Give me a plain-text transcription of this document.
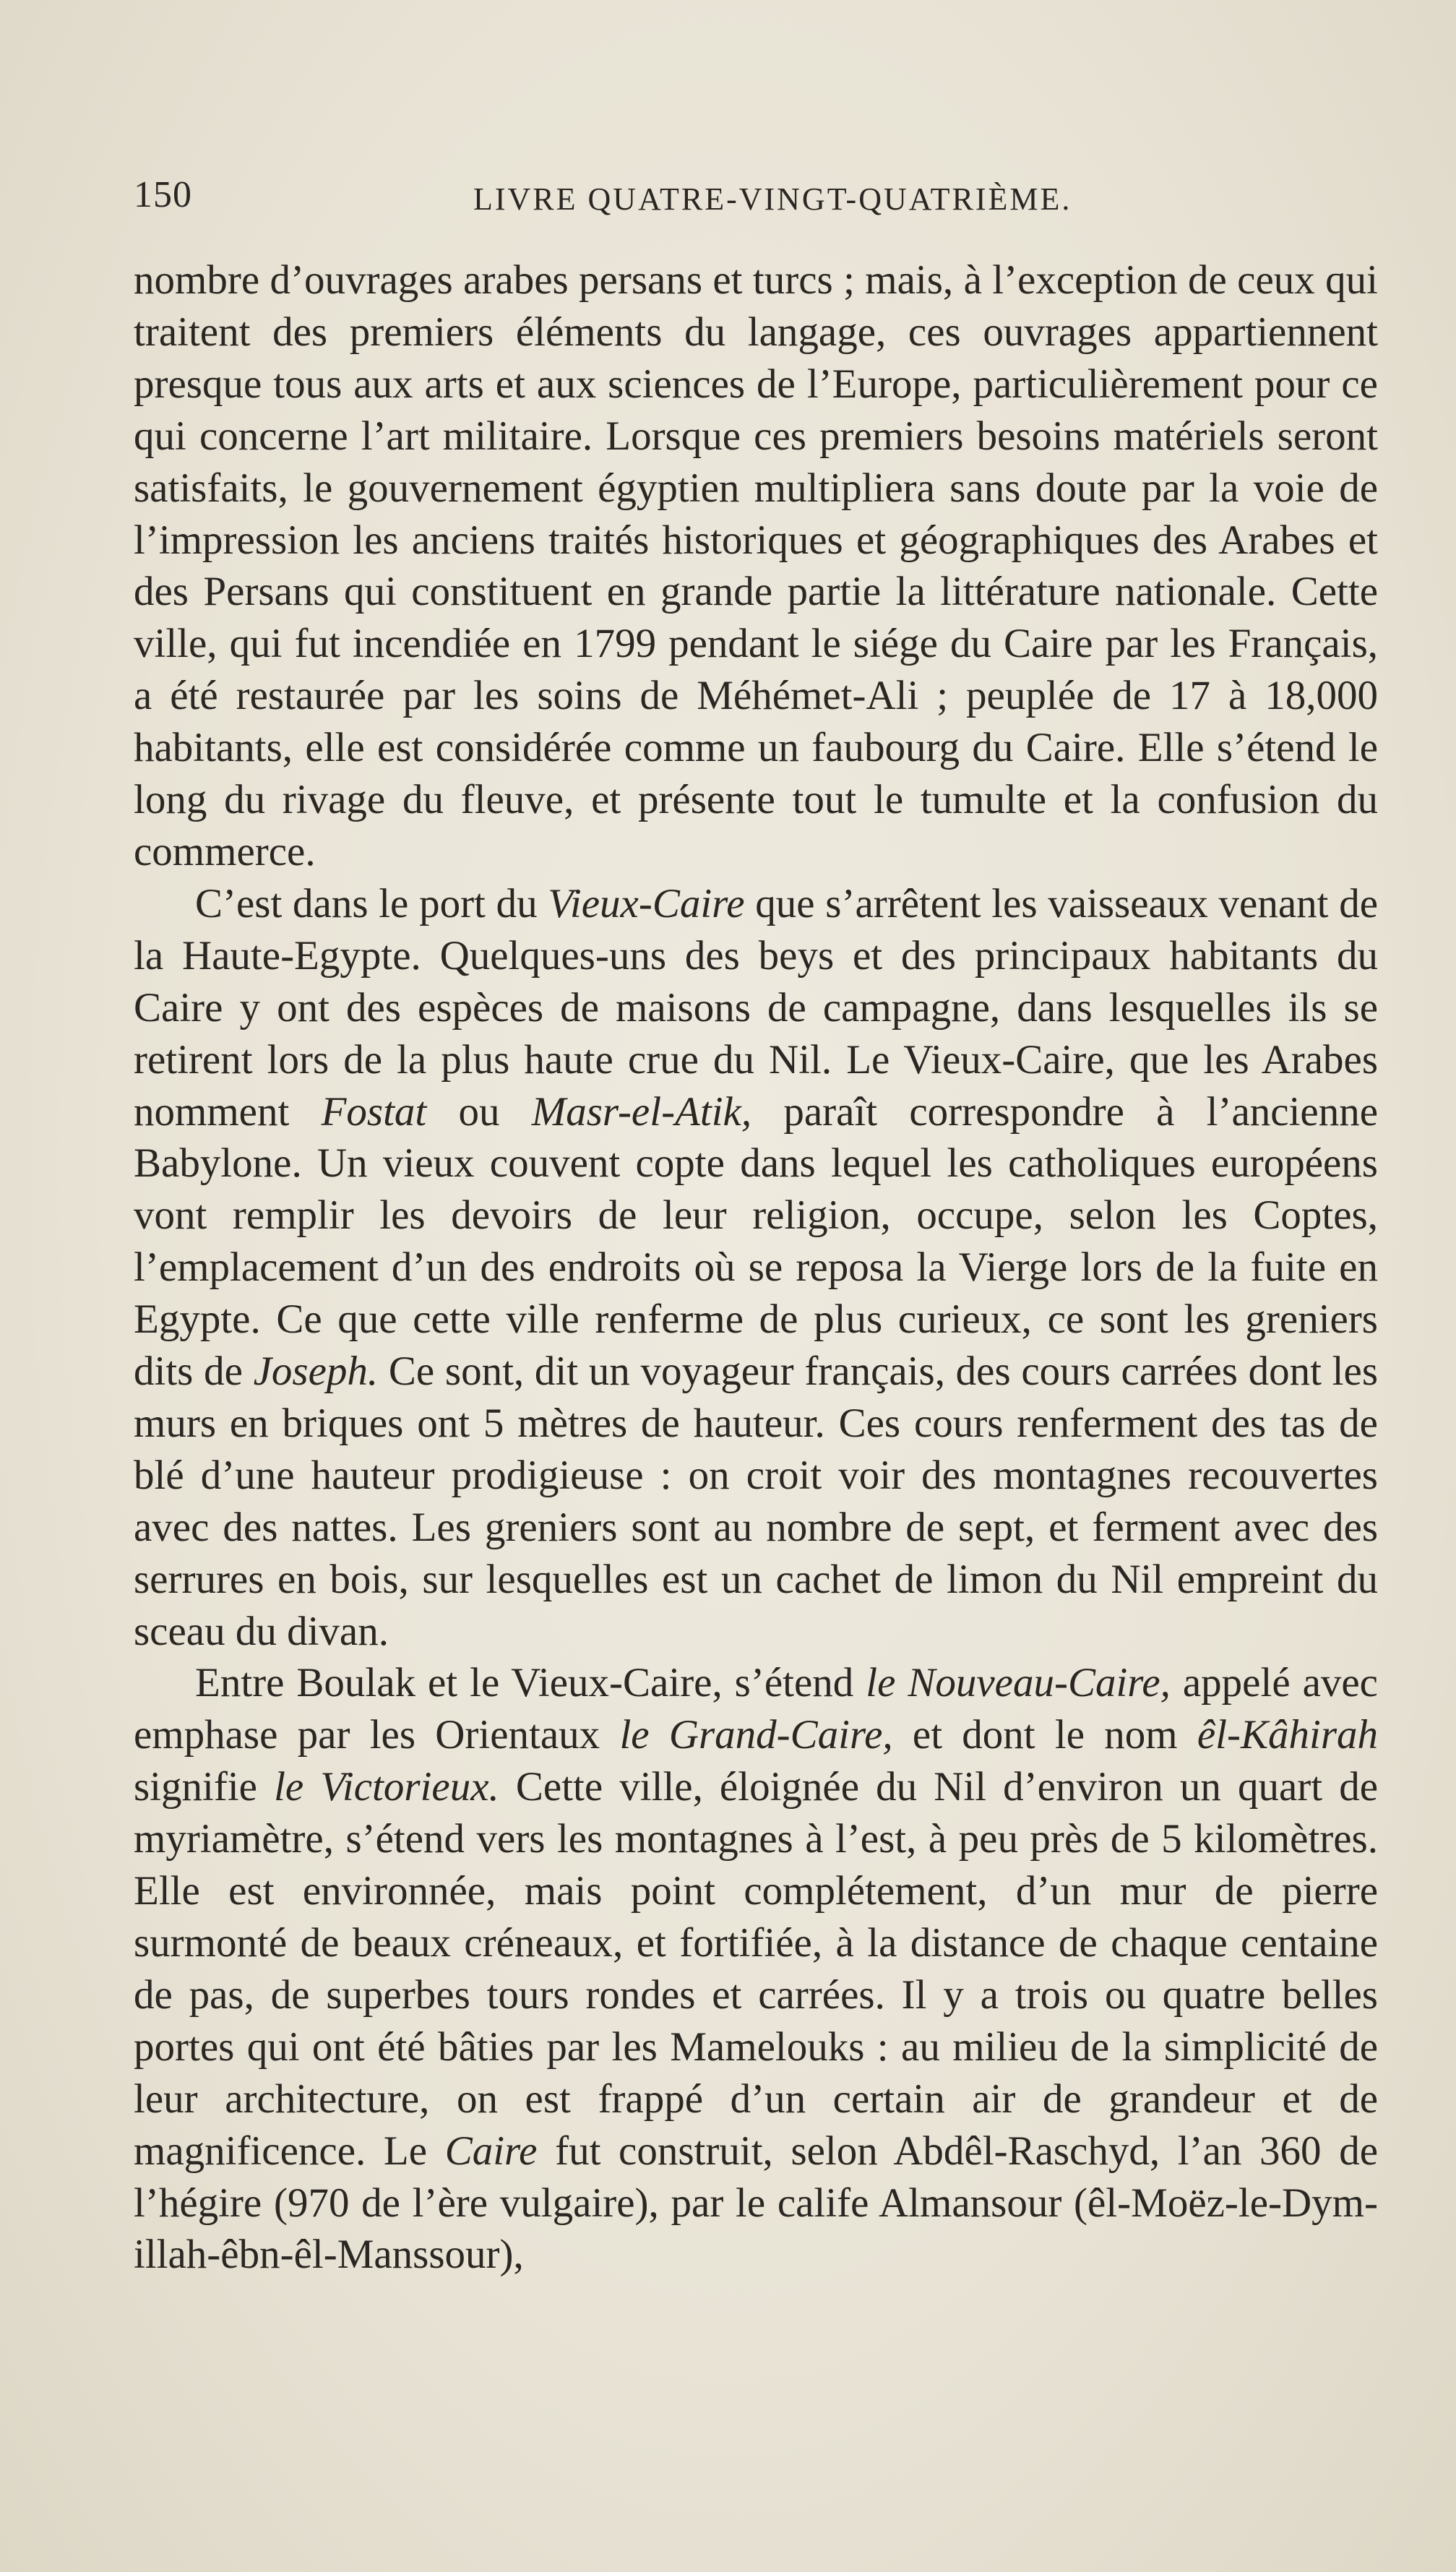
150	LIVRE QUATRE-VINGT-QUATRIÈME.

nombre d’ouvrages arabes persans et turcs ; mais, à l’exception de ceux qui traitent des premiers éléments du langage, ces ouvrages appartiennent presque tous aux arts et aux sciences de l’Europe, particulièrement pour ce qui concerne l’art militaire. Lorsque ces premiers besoins matériels seront satisfaits, le gouvernement égyptien multipliera sans doute par la voie de l’impression les anciens traités historiques et géographiques des Arabes et des Persans qui constituent en grande partie la littérature nationale. Cette ville, qui fut incendiée en 1799 pendant le siége du Caire par les Français, a été restaurée par les soins de Méhémet-Ali ; peuplée de 17 à 18,000 habitants, elle est considérée comme un faubourg du Caire. Elle s’étend le long du rivage du fleuve, et présente tout le tumulte et la confusion du commerce.

C’est dans le port du Vieux-Caire que s’arrêtent les vaisseaux venant de la Haute-Egypte. Quelques-uns des beys et des principaux habitants du Caire y ont des espèces de maisons de campagne, dans lesquelles ils se retirent lors de la plus haute crue du Nil. Le Vieux-Caire, que les Arabes nomment Fostat ou Masr-el-Atik, paraît correspondre à l’ancienne Babylone. Un vieux couvent copte dans lequel les catholiques européens vont remplir les devoirs de leur religion, occupe, selon les Coptes, l’emplacement d’un des endroits où se reposa la Vierge lors de la fuite en Egypte. Ce que cette ville renferme de plus curieux, ce sont les greniers dits de Joseph. Ce sont, dit un voyageur français, des cours carrées dont les murs en briques ont 5 mètres de hauteur. Ces cours renferment des tas de blé d’une hauteur prodigieuse : on croit voir des montagnes recouvertes avec des nattes. Les greniers sont au nombre de sept, et ferment avec des serrures en bois, sur lesquelles est un cachet de limon du Nil empreint du sceau du divan.

Entre Boulak et le Vieux-Caire, s’étend le Nouveau-Caire, appelé avec emphase par les Orientaux le Grand-Caire, et dont le nom êl-Kâhirah signifie le Victorieux. Cette ville, éloignée du Nil d’environ un quart de myriamètre, s’étend vers les montagnes à l’est, à peu près de 5 kilomètres. Elle est environnée, mais point complétement, d’un mur de pierre surmonté de beaux créneaux, et fortifiée, à la distance de chaque centaine de pas, de superbes tours rondes et carrées. Il y a trois ou quatre belles portes qui ont été bâties par les Mamelouks : au milieu de la simplicité de leur architecture, on est frappé d’un certain air de grandeur et de magnificence. Le Caire fut construit, selon Abdêl-Raschyd, l’an 360 de l’hégire (970 de l’ère vulgaire), par le calife Almansour (êl-Moëz-le-Dym-illah-êbn-êl-Manssour),
